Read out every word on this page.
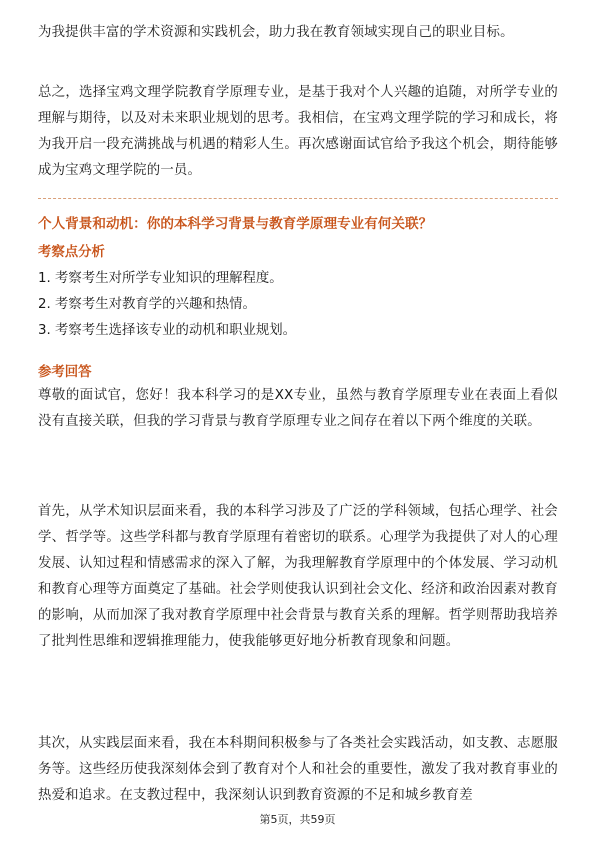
为我提供丰富的学术资源和实践机会，助力我在教育领域实现自己的职业目标。

总之，选择宝鸡文理学院教育学原理专业，是基于我对个人兴趣的追随，对所学专业的理解与期待，以及对未来职业规划的思考。我相信，在宝鸡文理学院的学习和成长，将为我开启一段充满挑战与机遇的精彩人生。再次感谢面试官给予我这个机会，期待能够成为宝鸡文理学院的一员。

个人背景和动机：你的本科学习背景与教育学原理专业有何关联？

考察点分析

1. 考察考生对所学专业知识的理解程度。
2. 考察考生对教育学的兴趣和热情。
3. 考察考生选择该专业的动机和职业规划。

参考回答

尊敬的面试官，您好！我本科学习的是XX专业，虽然与教育学原理专业在表面上看似没有直接关联，但我的学习背景与教育学原理专业之间存在着以下两个维度的关联。

首先，从学术知识层面来看，我的本科学习涉及了广泛的学科领域，包括心理学、社会学、哲学等。这些学科都与教育学原理有着密切的联系。心理学为我提供了对人的心理发展、认知过程和情感需求的深入了解，为我理解教育学原理中的个体发展、学习动机和教育心理等方面奠定了基础。社会学则使我认识到社会文化、经济和政治因素对教育的影响，从而加深了我对教育学原理中社会背景与教育关系的理解。哲学则帮助我培养了批判性思维和逻辑推理能力，使我能够更好地分析教育现象和问题。

其次，从实践层面来看，我在本科期间积极参与了各类社会实践活动，如支教、志愿服务等。这些经历使我深刻体会到了教育对个人和社会的重要性，激发了我对教育事业的热爱和追求。在支教过程中，我深刻认识到教育资源的不足和城乡教育差

第5页，共59页
